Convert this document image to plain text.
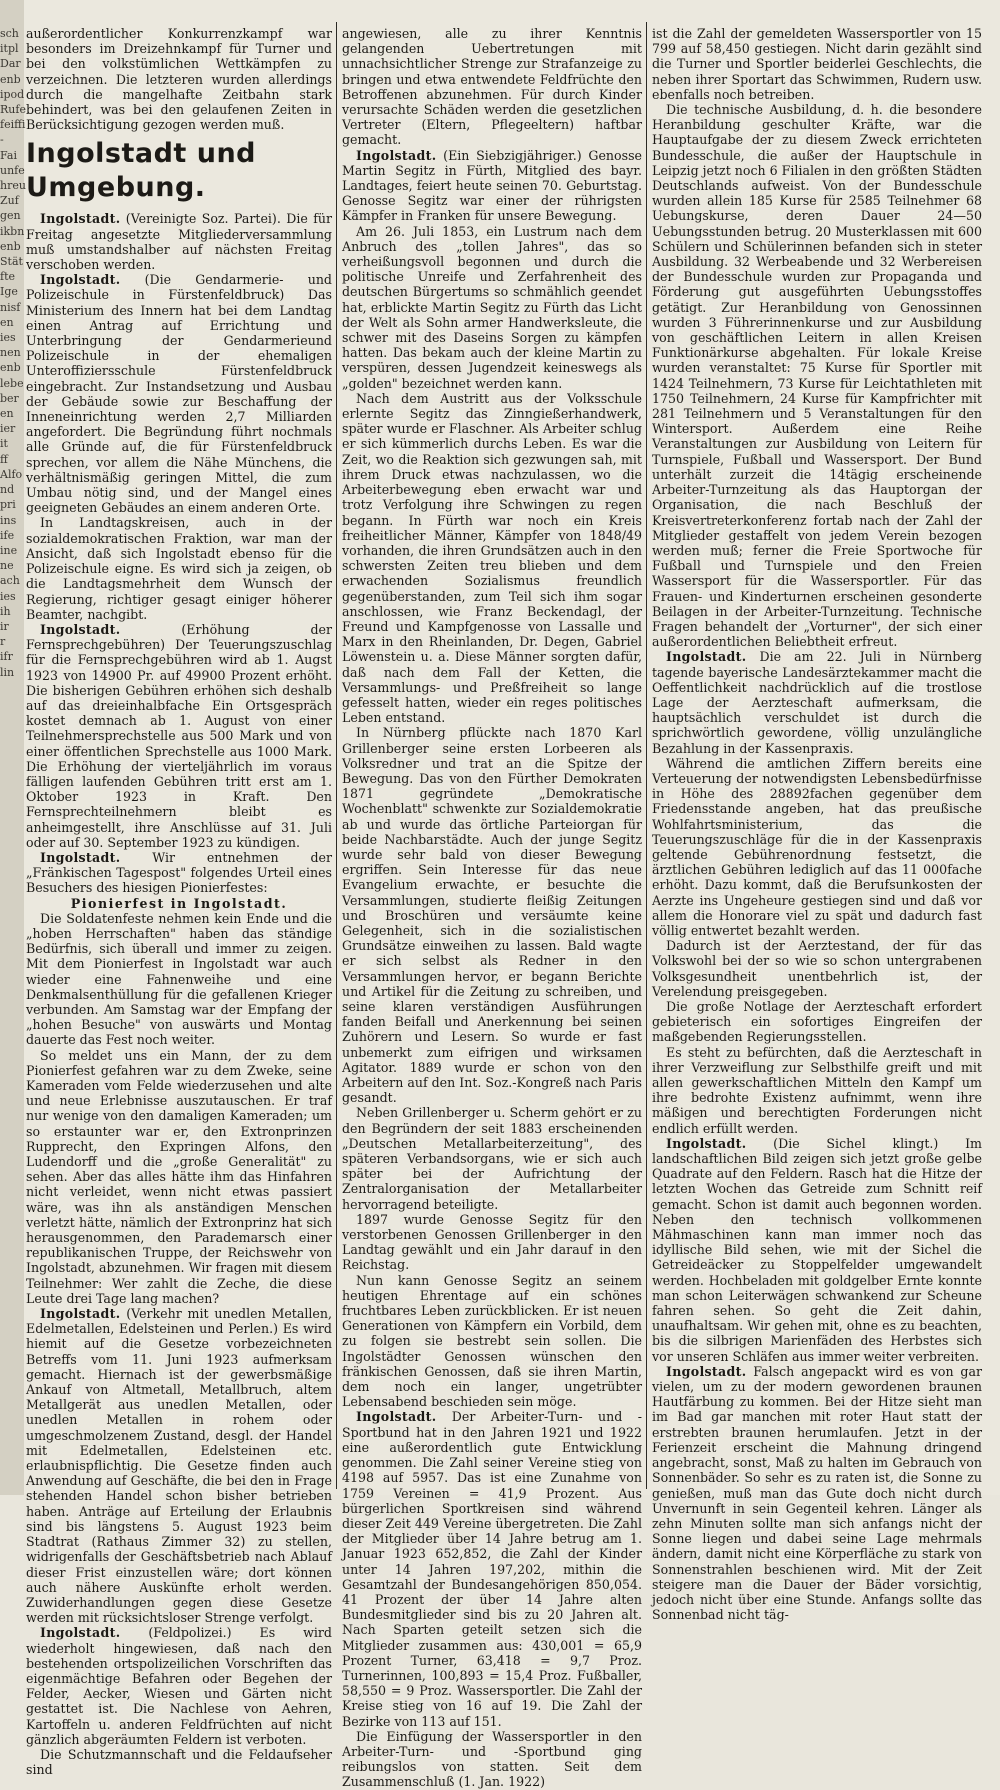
sch
itpl
Dar
enb
ipod
Rufe
feiffi
-
Fai
unfe
hreu
Zuf
gen
ikbn
enb
Stät
fte
Ige
nisf
en
ies
nen
enb
lebe
ber
en
ier
it
ff
Alfo
nd
pri
ins
ife
ine
ne
ach
ies
ih
ir
r
ifr
lin

außerordentlicher Konkurrenzkampf war besonders im Dreizehnkampf für Turner und bei den volkstümlichen Wettkämpfen zu verzeichnen. Die letzteren wurden allerdings durch die mangelhafte Zeitbahn stark behindert, was bei den gelaufenen Zeiten in Berücksichtigung gezogen werden muß.

Ingolstadt und Umgebung.

Ingolstadt. (Vereinigte Soz. Partei). Die für Freitag angesetzte Mitgliederversammlung muß umstandshalber auf nächsten Freitag verschoben werden.

Ingolstadt. (Die Gendarmerie- und Polizeischule in Fürstenfeldbruck) Das Ministerium des Innern hat bei dem Landtag einen Antrag auf Errichtung und Unterbringung der Gendarmerieund Polizeischule in der ehemaligen Unteroffiziersschule Fürstenfeldbruck eingebracht. Zur Instandsetzung und Ausbau der Gebäude sowie zur Beschaffung der Inneneinrichtung werden 2,7 Milliarden angefordert. Die Begründung führt nochmals alle Gründe auf, die für Fürstenfeldbruck sprechen, vor allem die Nähe Münchens, die verhältnismäßig geringen Mittel, die zum Umbau nötig sind, und der Mangel eines geeigneten Gebäudes an einem anderen Orte.

In Landtagskreisen, auch in der sozialdemokratischen Fraktion, war man der Ansicht, daß sich Ingolstadt ebenso für die Polizeischule eigne. Es wird sich ja zeigen, ob die Landtagsmehrheit dem Wunsch der Regierung, richtiger gesagt einiger höherer Beamter, nachgibt.

Ingolstadt. (Erhöhung der Fernsprechgebühren) Der Teuerungszuschlag für die Fernsprechgebühren wird ab 1. Augst 1923 von 14900 Pr. auf 49900 Prozent erhöht. Die bisherigen Gebühren erhöhen sich deshalb auf das dreieinhalbfache Ein Ortsgespräch kostet demnach ab 1. August von einer Teilnehmersprechstelle aus 500 Mark und von einer öffentlichen Sprechstelle aus 1000 Mark. Die Erhöhung der vierteljährlich im voraus fälligen laufenden Gebühren tritt erst am 1. Oktober 1923 in Kraft. Den Fernsprechteilnehmern bleibt es anheimgestellt, ihre Anschlüsse auf 31. Juli oder auf 30. September 1923 zu kündigen.

Ingolstadt. Wir entnehmen der „Fränkischen Tagespost" folgendes Urteil eines Besuchers des hiesigen Pionierfestes:

Pionierfest in Ingolstadt.

Die Soldatenfeste nehmen kein Ende und die „hoben Herrschaften" haben das ständige Bedürfnis, sich überall und immer zu zeigen. Mit dem Pionierfest in Ingolstadt war auch wieder eine Fahnenweihe und eine Denkmalsenthüllung für die gefallenen Krieger verbunden. Am Samstag war der Empfang der „hohen Besuche" von auswärts und Montag dauerte das Fest noch weiter.

So meldet uns ein Mann, der zu dem Pionierfest gefahren war zu dem Zweke, seine Kameraden vom Felde wiederzusehen und alte und neue Erlebnisse auszutauschen. Er traf nur wenige von den damaligen Kameraden; um so erstaunter war er, den Extronprinzen Rupprecht, den Expringen Alfons, den Ludendorff und die „große Generalität" zu sehen. Aber das alles hätte ihm das Hinfahren nicht verleidet, wenn nicht etwas passiert wäre, was ihn als anständigen Menschen verletzt hätte, nämlich der Extronprinz hat sich herausgenommen, den Parademarsch einer republikanischen Truppe, der Reichswehr von Ingolstadt, abzunehmen. Wir fragen mit diesem Teilnehmer: Wer zahlt die Zeche, die diese Leute drei Tage lang machen?

Ingolstadt. (Verkehr mit unedlen Metallen, Edelmetallen, Edelsteinen und Perlen.) Es wird hiemit auf die Gesetze vorbezeichneten Betreffs vom 11. Juni 1923 aufmerksam gemacht. Hiernach ist der gewerbsmäßige Ankauf von Altmetall, Metallbruch, altem Metallgerät aus unedlen Metallen, oder unedlen Metallen in rohem oder umgeschmolzenem Zustand, desgl. der Handel mit Edelmetallen, Edelsteinen etc. erlaubnispflichtig. Die Gesetze finden auch Anwendung auf Geschäfte, die bei den in Frage stehenden Handel schon bisher betrieben haben. Anträge auf Erteilung der Erlaubnis sind bis längstens 5. August 1923 beim Stadtrat (Rathaus Zimmer 32) zu stellen, widrigenfalls der Geschäftsbetrieb nach Ablauf dieser Frist einzustellen wäre; dort können auch nähere Auskünfte erholt werden. Zuwiderhandlungen gegen diese Gesetze werden mit rücksichtsloser Strenge verfolgt.

Ingolstadt. (Feldpolizei.) Es wird wiederholt hingewiesen, daß nach den bestehenden ortspolizeilichen Vorschriften das eigenmächtige Befahren oder Begehen der Felder, Aecker, Wiesen und Gärten nicht gestattet ist. Die Nachlese von Aehren, Kartoffeln u. anderen Feldfrüchten auf nicht gänzlich abgeräumten Feldern ist verboten.

Die Schutzmannschaft und die Feldaufseher sind

angewiesen, alle zu ihrer Kenntnis gelangenden Uebertretungen mit unnachsichtlicher Strenge zur Strafanzeige zu bringen und etwa entwendete Feldfrüchte den Betroffenen abzunehmen. Für durch Kinder verursachte Schäden werden die gesetzlichen Vertreter (Eltern, Pflegeeltern) haftbar gemacht.

Ingolstadt. (Ein Siebzigjähriger.) Genosse Martin Segitz in Fürth, Mitglied des bayr. Landtages, feiert heute seinen 70. Geburtstag. Genosse Segitz war einer der rührigsten Kämpfer in Franken für unsere Bewegung.

Am 26. Juli 1853, ein Lustrum nach dem Anbruch des „tollen Jahres", das so verheißungsvoll begonnen und durch die politische Unreife und Zerfahrenheit des deutschen Bürgertums so schmählich geendet hat, erblickte Martin Segitz zu Fürth das Licht der Welt als Sohn armer Handwerksleute, die schwer mit des Daseins Sorgen zu kämpfen hatten. Das bekam auch der kleine Martin zu verspüren, dessen Jugendzeit keineswegs als „golden" bezeichnet werden kann.

Nach dem Austritt aus der Volksschule erlernte Segitz das Zinngießerhandwerk, später wurde er Flaschner. Als Arbeiter schlug er sich kümmerlich durchs Leben. Es war die Zeit, wo die Reaktion sich gezwungen sah, mit ihrem Druck etwas nachzulassen, wo die Arbeiterbewegung eben erwacht war und trotz Verfolgung ihre Schwingen zu regen begann. In Fürth war noch ein Kreis freiheitlicher Männer, Kämpfer von 1848/49 vorhanden, die ihren Grundsätzen auch in den schwersten Zeiten treu blieben und dem erwachenden Sozialismus freundlich gegenüberstanden, zum Teil sich ihm sogar anschlossen, wie Franz Beckendagl, der Freund und Kampfgenosse von Lassalle und Marx in den Rheinlanden, Dr. Degen, Gabriel Löwenstein u. a. Diese Männer sorgten dafür, daß nach dem Fall der Ketten, die Versammlungs- und Preßfreiheit so lange gefesselt hatten, wieder ein reges politisches Leben entstand.

In Nürnberg pflückte nach 1870 Karl Grillenberger seine ersten Lorbeeren als Volksredner und trat an die Spitze der Bewegung. Das von den Fürther Demokraten 1871 gegründete „Demokratische Wochenblatt" schwenkte zur Sozialdemokratie ab und wurde das örtliche Parteiorgan für beide Nachbarstädte. Auch der junge Segitz wurde sehr bald von dieser Bewegung ergriffen. Sein Interesse für das neue Evangelium erwachte, er besuchte die Versammlungen, studierte fleißig Zeitungen und Broschüren und versäumte keine Gelegenheit, sich in die sozialistischen Grundsätze einweihen zu lassen. Bald wagte er sich selbst als Redner in den Versammlungen hervor, er begann Berichte und Artikel für die Zeitung zu schreiben, und seine klaren verständigen Ausführungen fanden Beifall und Anerkennung bei seinen Zuhörern und Lesern. So wurde er fast unbemerkt zum eifrigen und wirksamen Agitator. 1889 wurde er schon von den Arbeitern auf den Int. Soz.-Kongreß nach Paris gesandt.

Neben Grillenberger u. Scherm gehört er zu den Begründern der seit 1883 erscheinenden „Deutschen Metallarbeiterzeitung", des späteren Verbandsorgans, wie er sich auch später bei der Aufrichtung der Zentralorganisation der Metallarbeiter hervorragend beteiligte.

1897 wurde Genosse Segitz für den verstorbenen Genossen Grillenberger in den Landtag gewählt und ein Jahr darauf in den Reichstag.

Nun kann Genosse Segitz an seinem heutigen Ehrentage auf ein schönes fruchtbares Leben zurückblicken. Er ist neuen Generationen von Kämpfern ein Vorbild, dem zu folgen sie bestrebt sein sollen. Die Ingolstädter Genossen wünschen den fränkischen Genossen, daß sie ihren Martin, dem noch ein langer, ungetrübter Lebensabend beschieden sein möge.

Ingolstadt. Der Arbeiter-Turn- und -Sportbund hat in den Jahren 1921 und 1922 eine außerordentlich gute Entwicklung genommen. Die Zahl seiner Vereine stieg von 4198 auf 5957. Das ist eine Zunahme von 1759 Vereinen = 41,9 Prozent. Aus bürgerlichen Sportkreisen sind während dieser Zeit 449 Vereine übergetreten. Die Zahl der Mitglieder über 14 Jahre betrug am 1. Januar 1923 652,852, die Zahl der Kinder unter 14 Jahren 197,202, mithin die Gesamtzahl der Bundesangehörigen 850,054. 41 Prozent der über 14 Jahre alten Bundesmitglieder sind bis zu 20 Jahren alt. Nach Sparten geteilt setzen sich die Mitglieder zusammen aus: 430,001 = 65,9 Prozent Turner, 63,418 = 9,7 Proz. Turnerinnen, 100,893 = 15,4 Proz. Fußballer, 58,550 = 9 Proz. Wassersportler. Die Zahl der Kreise stieg von 16 auf 19. Die Zahl der Bezirke von 113 auf 151.

Die Einfügung der Wassersportler in den Arbeiter-Turn- und -Sportbund ging reibungslos von statten. Seit dem Zusammenschluß (1. Jan. 1922)

ist die Zahl der gemeldeten Wassersportler von 15 799 auf 58,450 gestiegen. Nicht darin gezählt sind die Turner und Sportler beiderlei Geschlechts, die neben ihrer Sportart das Schwimmen, Rudern usw. ebenfalls noch betreiben.

Die technische Ausbildung, d. h. die besondere Heranbildung geschulter Kräfte, war die Hauptaufgabe der zu diesem Zweck errichteten Bundesschule, die außer der Hauptschule in Leipzig jetzt noch 6 Filialen in den größten Städten Deutschlands aufweist. Von der Bundesschule wurden allein 185 Kurse für 2585 Teilnehmer 68 Uebungskurse, deren Dauer 24—50 Uebungsstunden betrug. 20 Musterklassen mit 600 Schülern und Schülerinnen befanden sich in steter Ausbildung. 32 Werbeabende und 32 Werbereisen der Bundesschule wurden zur Propaganda und Förderung gut ausgeführten Uebungsstoffes getätigt. Zur Heranbildung von Genossinnen wurden 3 Führerinnenkurse und zur Ausbildung von geschäftlichen Leitern in allen Kreisen Funktionärkurse abgehalten. Für lokale Kreise wurden veranstaltet: 75 Kurse für Sportler mit 1424 Teilnehmern, 73 Kurse für Leichtathleten mit 1750 Teilnehmern, 24 Kurse für Kampfrichter mit 281 Teilnehmern und 5 Veranstaltungen für den Wintersport. Außerdem eine Reihe Veranstaltungen zur Ausbildung von Leitern für Turnspiele, Fußball und Wassersport. Der Bund unterhält zurzeit die 14tägig erscheinende Arbeiter-Turnzeitung als das Hauptorgan der Organisation, die nach Beschluß der Kreisvertreterkonferenz fortab nach der Zahl der Mitglieder gestaffelt von jedem Verein bezogen werden muß; ferner die Freie Sportwoche für Fußball und Turnspiele und den Freien Wassersport für die Wassersportler. Für das Frauen- und Kinderturnen erscheinen gesonderte Beilagen in der Arbeiter-Turnzeitung. Technische Fragen behandelt der „Vorturner", der sich einer außerordentlichen Beliebtheit erfreut.

Ingolstadt. Die am 22. Juli in Nürnberg tagende bayerische Landesärztekammer macht die Oeffentlichkeit nachdrücklich auf die trostlose Lage der Aerzteschaft aufmerksam, die hauptsächlich verschuldet ist durch die sprichwörtlich gewordene, völlig unzulängliche Bezahlung in der Kassenpraxis.

Während die amtlichen Ziffern bereits eine Verteuerung der notwendigsten Lebensbedürfnisse in Höhe des 28892fachen gegenüber dem Friedensstande angeben, hat das preußische Wohlfahrtsministerium, das die Teuerungszuschläge für die in der Kassenpraxis geltende Gebührenordnung festsetzt, die ärztlichen Gebühren lediglich auf das 11 000fache erhöht. Dazu kommt, daß die Berufsunkosten der Aerzte ins Ungeheure gestiegen sind und daß vor allem die Honorare viel zu spät und dadurch fast völlig entwertet bezahlt werden.

Dadurch ist der Aerztestand, der für das Volkswohl bei der so wie so schon untergrabenen Volksgesundheit unentbehrlich ist, der Verelendung preisgegeben.

Die große Notlage der Aerzteschaft erfordert gebieterisch ein sofortiges Eingreifen der maßgebenden Regierungsstellen.

Es steht zu befürchten, daß die Aerzteschaft in ihrer Verzweiflung zur Selbsthilfe greift und mit allen gewerkschaftlichen Mitteln den Kampf um ihre bedrohte Existenz aufnimmt, wenn ihre mäßigen und berechtigten Forderungen nicht endlich erfüllt werden.

Ingolstadt. (Die Sichel klingt.) Im landschaftlichen Bild zeigen sich jetzt große gelbe Quadrate auf den Feldern. Rasch hat die Hitze der letzten Wochen das Getreide zum Schnitt reif gemacht. Schon ist damit auch begonnen worden. Neben den technisch vollkommenen Mähmaschinen kann man immer noch das idyllische Bild sehen, wie mit der Sichel die Getreideäcker zu Stoppelfelder umgewandelt werden. Hochbeladen mit goldgelber Ernte konnte man schon Leiterwägen schwankend zur Scheune fahren sehen. So geht die Zeit dahin, unaufhaltsam. Wir gehen mit, ohne es zu beachten, bis die silbrigen Marienfäden des Herbstes sich vor unseren Schläfen aus immer weiter verbreiten.

Ingolstadt. Falsch angepackt wird es von gar vielen, um zu der modern gewordenen braunen Hautfärbung zu kommen. Bei der Hitze sieht man im Bad gar manchen mit roter Haut statt der erstrebten braunen herumlaufen. Jetzt in der Ferienzeit erscheint die Mahnung dringend angebracht, sonst, Maß zu halten im Gebrauch von Sonnenbäder. So sehr es zu raten ist, die Sonne zu genießen, muß man das Gute doch nicht durch Unvernunft in sein Gegenteil kehren. Länger als zehn Minuten sollte man sich anfangs nicht der Sonne liegen und dabei seine Lage mehrmals ändern, damit nicht eine Körperfläche zu stark von Sonnenstrahlen beschienen wird. Mit der Zeit steigere man die Dauer der Bäder vorsichtig, jedoch nicht über eine Stunde. Anfangs sollte das Sonnenbad nicht täg-
